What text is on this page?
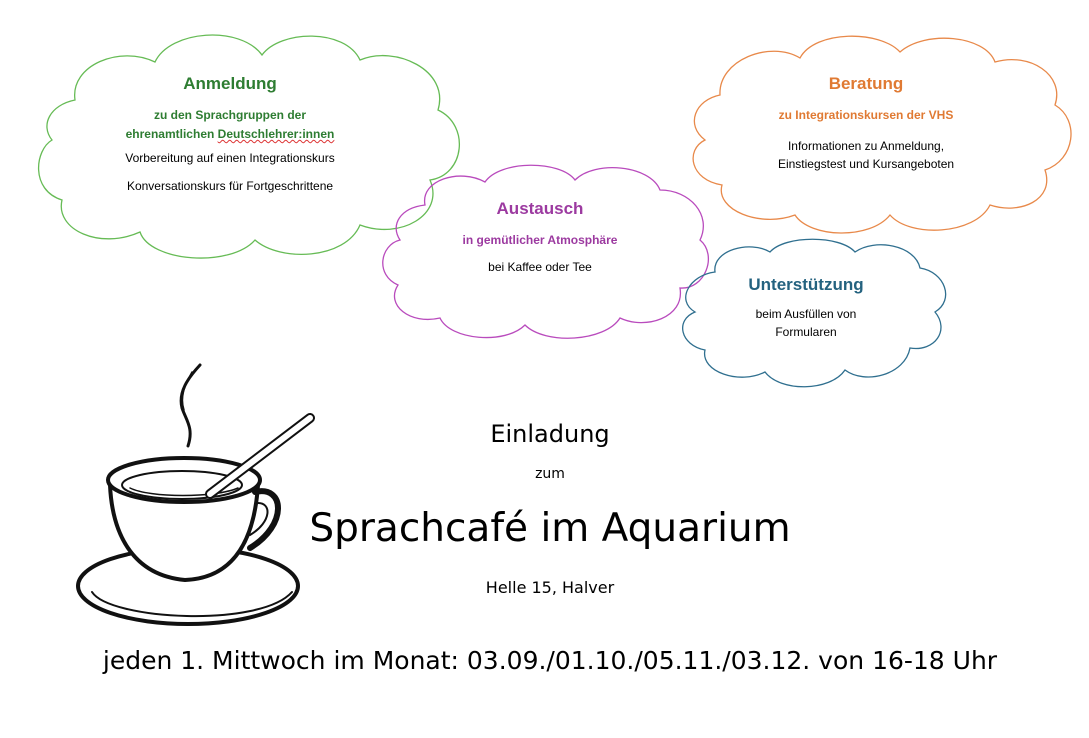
Anmeldung
zu den Sprachgruppen der
ehrenamtlichen Deutschlehrer:innen
Vorbereitung auf einen Integrationskurs
Konversationskurs für Fortgeschrittene
Beratung
zu Integrationskursen der VHS
Informationen zu Anmeldung,
Einstiegstest und Kursangeboten
Austausch
in gemütlicher Atmosphäre
bei Kaffee oder Tee
Unterstützung
beim Ausfüllen von
Formularen
Einladung
zum
Sprachcafé im Aquarium
Helle 15, Halver
jeden 1. Mittwoch im Monat: 03.09./01.10./05.11./03.12. von 16-18 Uhr
